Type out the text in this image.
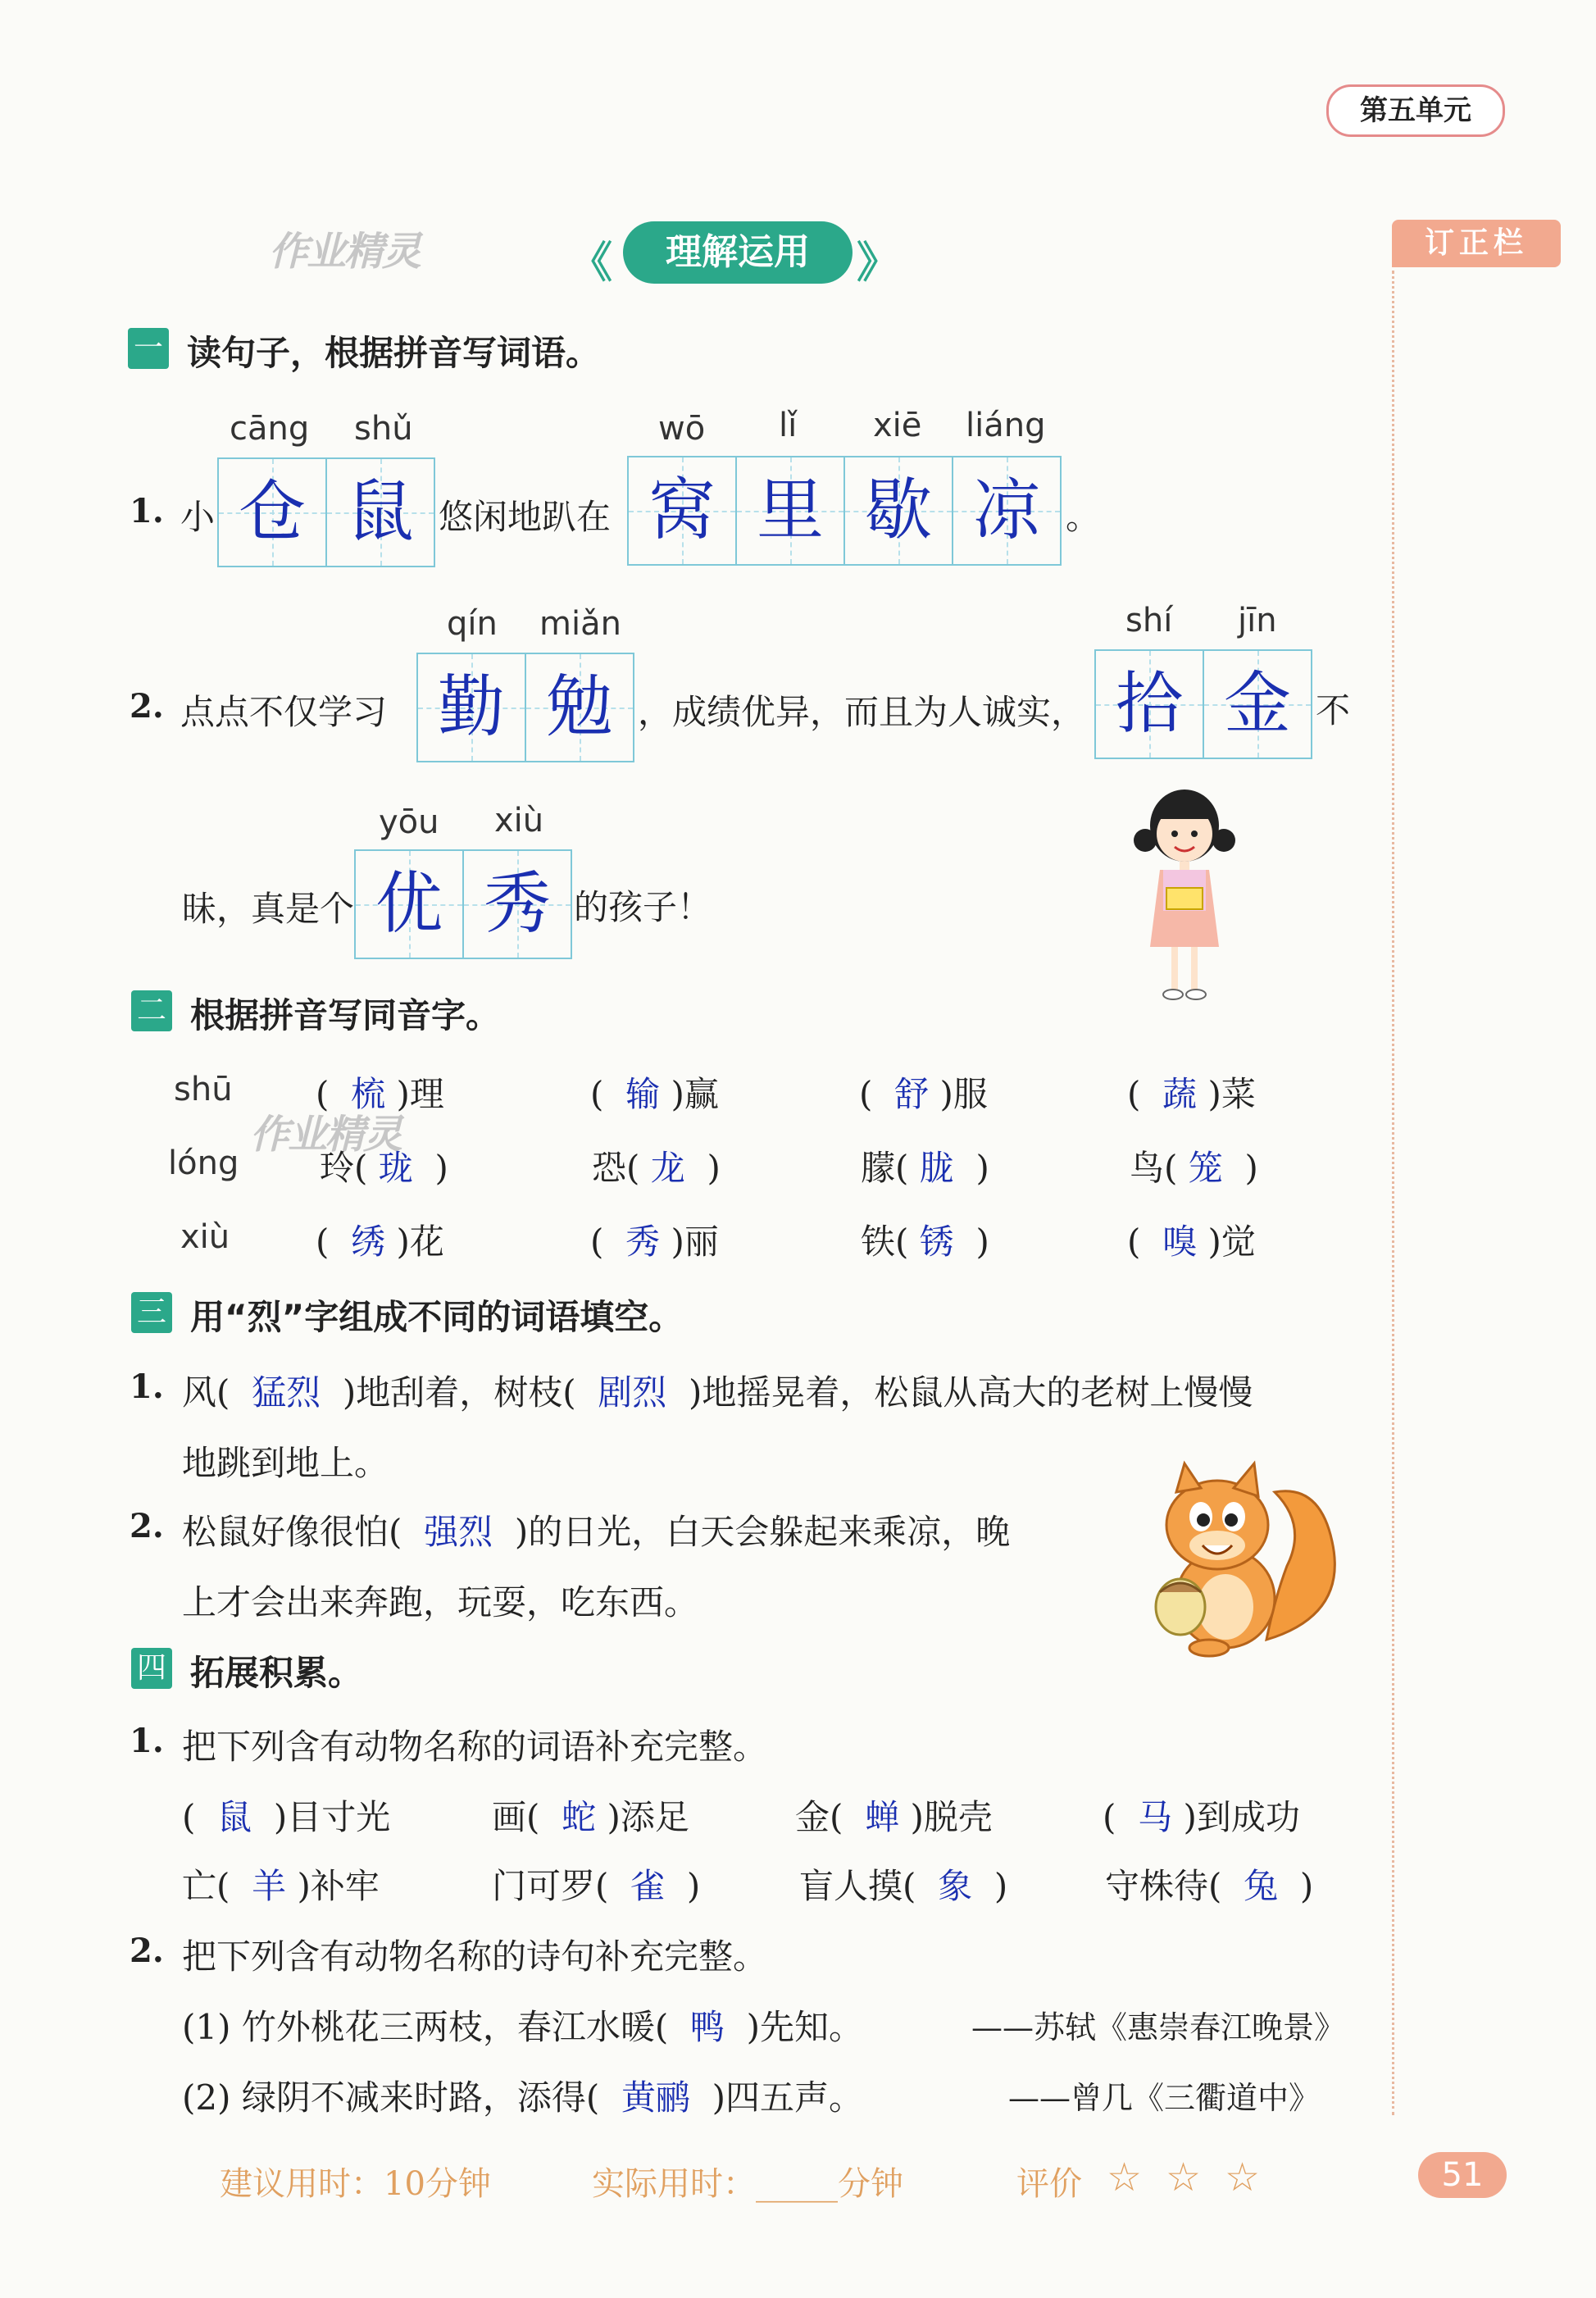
第五单元
作业精灵	《	理解运用	》	订正栏
一 读句子，根据拼音写词语。
cāng shǔ	wō lǐ xiē liáng
1. 小 仓 鼠 悠闲地趴在 窝 里 歇 凉 。
qín miǎn	shí jīn
2. 点点不仅学习 勤 勉 ，成绩优异，而且为人诚实， 拾 金 不
yōu xiù
昧，真是个 优 秀 的孩子！
二 根据拼音写同音字。
作业精灵
shū ( 梳 )理	( 输 )赢	( 舒 )服	( 蔬 )菜
lóng 玲( 珑 )	恐( 龙 )	朦( 胧 )	鸟( 笼 )
xiù ( 绣 )花	( 秀 )丽	铁( 锈 )	( 嗅 )觉
三 用“烈”字组成不同的词语填空。
1. 风( 猛烈 )地刮着，树枝( 剧烈 )地摇晃着，松鼠从高大的老树上慢慢
地跳到地上。
2. 松鼠好像很怕( 强烈 )的日光，白天会躲起来乘凉，晚
上才会出来奔跑，玩耍，吃东西。
四 拓展积累。
1. 把下列含有动物名称的词语补充完整。
( 鼠 )目寸光	画( 蛇 )添足	金( 蝉 )脱壳	( 马 )到成功
亡( 羊 )补牢	门可罗( 雀 )	盲人摸( 象 )	守株待( 兔 )
2. 把下列含有动物名称的诗句补充完整。
(1) 竹外桃花三两枝，春江水暖( 鸭 )先知。	——苏轼《惠崇春江晚景》
(2) 绿阴不减来时路，添得( 黄鹂 )四五声。	——曾几《三衢道中》
建议用时：10分钟	实际用时：_____分钟	评价 ☆ ☆ ☆	51
